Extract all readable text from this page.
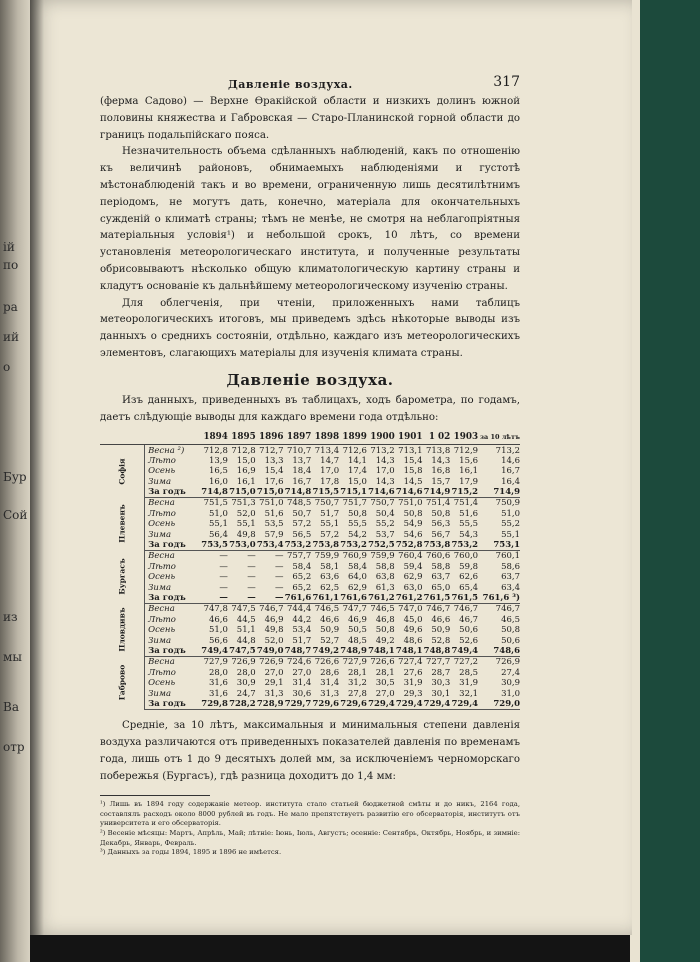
ій
по
ра
ий
о
Бур
Сой
из
мы
Ва
отр
Давленіе воздуха.	317

(ферма Садово) — Верхне Ѳракійской области и низкихъ долинъ южной половины княжества и Габровская — Старо-Планинской горной области до границъ подальпійскаго пояса.

Незначительность объема сдѣланныхъ наблюденій, какъ по отношенію къ величинѣ районовъ, обнимаемыхъ наблюденіями и густотѣ мѣстонаблюденій такъ и во времени, ограниченную лишь десятилѣтнимъ періодомъ, не могутъ дать, конечно, матеріала для окончательныхъ сужденій о климатѣ страны; тѣмъ не менѣе, не смотря на неблагопріятныя матеріальныя условія¹) и небольшой срокъ, 10 лѣтъ, со времени установленія метеорологическаго института, и полученные результаты обрисовываютъ нѣсколько общую климатологическую картину страны и кладутъ основаніе къ дальнѣйшему метеорологическому изученію страны.

Для облегченія, при чтеніи, приложенныхъ нами таблицъ метеорологическихъ итоговъ, мы приведемъ здѣсь нѣкоторые выводы изъ данныхъ о среднихъ состояніи, отдѣльно, каждаго изъ метеорологическихъ элементовъ, слагающихъ матеріалы для изученія климата страны.

Давленіе воздуха.

Изъ данныхъ, приведенныхъ въ таблицахъ, ходъ барометра, по годамъ, даетъ слѣдующіе выводы для каждаго времени года отдѣльно:

		1894	1895	1896	1897	1898	1899	1900	1901	1 02	1903	за 10 лѣтъ
Софія	Весна ²)	712,8	712,8	712,7	710,7	713,4	712,6	713,2	713,1	713,8	712,9	713,2
	Лѣто	13,9	15,0	13,3	13,7	14,7	14,1	14,3	15,4	14,3	15,6	14,6
	Осень	16,5	16,9	15,4	18,4	17,0	17,4	17,0	15,8	16,8	16,1	16,7
	Зима	16,0	16,1	17,6	16,7	17,8	15,0	14,3	14,5	15,7	17,9	16,4
	За годъ	714,8	715,0	715,0	714,8	715,5	715,1	714,6	714,6	714,9	715,2	714,9
Плевенъ	Весна	751,5	751,3	751,0	748,5	750,7	751,7	750,7	751,0	751,4	751,4	750,9
	Лѣто	51,0	52,0	51,6	50,7	51,7	50,8	50,4	50,8	50,8	51,6	51,0
	Осень	55,1	55,1	53,5	57,2	55,1	55,5	55,2	54,9	56,3	55,5	55,2
	Зима	56,4	49,8	57,9	56,5	57,2	54,2	53,7	54,6	56,7	54,3	55,1
	За годъ	753,5	753,0	753,4	753,2	753,8	753,2	752,5	752,8	753,8	753,2	753,1
Бургасъ	Весна	—	—	—	757,7	759,9	760,9	759,9	760,4	760,6	760,0	760,1
	Лѣто	—	—	—	58,4	58,1	58,4	58,8	59,4	58,8	59,8	58,6
	Осень	—	—	—	65,2	63,6	64,0	63,8	62,9	63,7	62,6	63,7
	Зима	—	—	—	65,2	62,5	62,9	61,3	63,0	65,0	65,4	63,4
	За годъ	—	—	—	761,6	761,1	761,6	761,2	761,2	761,5	761,5	761,6 ³)
Пловдивъ	Весна	747,8	747,5	746,7	744,4	746,5	747,7	746,5	747,0	746,7	746,7	746,7
	Лѣто	46,6	44,5	46,9	44,2	46,6	46,9	46,8	45,0	46,6	46,7	46,5
	Осень	51,0	51,1	49,8	53,4	50,9	50,5	50,8	49,6	50,9	50,6	50,8
	Зима	56,6	44,8	52,0	51,7	52,7	48,5	49,2	48,6	52,8	52,6	50,6
	За годъ	749,4	747,5	749,0	748,7	749,2	748,9	748,1	748,1	748,8	749,4	748,6
Габрово	Весна	727,9	726,9	726,9	724,6	726,6	727,9	726,6	727,4	727,7	727,2	726,9
	Лѣто	28,0	28,0	27,0	27,0	28,6	28,1	28,1	27,6	28,7	28,5	27,4
	Осень	31,6	30,9	29,1	31,4	31,4	31,2	30,5	31,9	30,3	31,9	30,9
	Зима	31,6	24,7	31,3	30,6	31,3	27,8	27,0	29,3	30,1	32,1	31,0
	За годъ	729,8	728,2	728,9	729,7	729,6	729,6	729,4	729,4	729,4	729,4	729,0

Средніе, за 10 лѣтъ, максимальныя и минимальныя степени давленія воздуха различаются отъ приведенныхъ показателей давленія по временамъ года, лишь отъ 1 до 9 десятыхъ долей мм, за исключеніемъ черноморскаго побережья (Бургасъ), гдѣ разница доходитъ до 1,4 мм:

¹) Лишь въ 1894 году содержаніе метеор. института стало статьей бюджетной смѣты и до никъ, 2164 года, составлялъ расходъ около 8000 рублей въ годъ. Не мало препятствуетъ развитію его обсерваторія, институтъ отъ университета и его обсерваторія.

²) Весеніе мѣсяцы: Мартъ, Апрѣль, Май; лѣтніе: Іюнь, Іюль, Августъ; осенніе: Сентябрь, Октябрь, Ноябрь, и зимніе: Декабрь, Январь, Февраль.

³) Данныхъ за годы 1894, 1895 и 1896 не имѣется.
